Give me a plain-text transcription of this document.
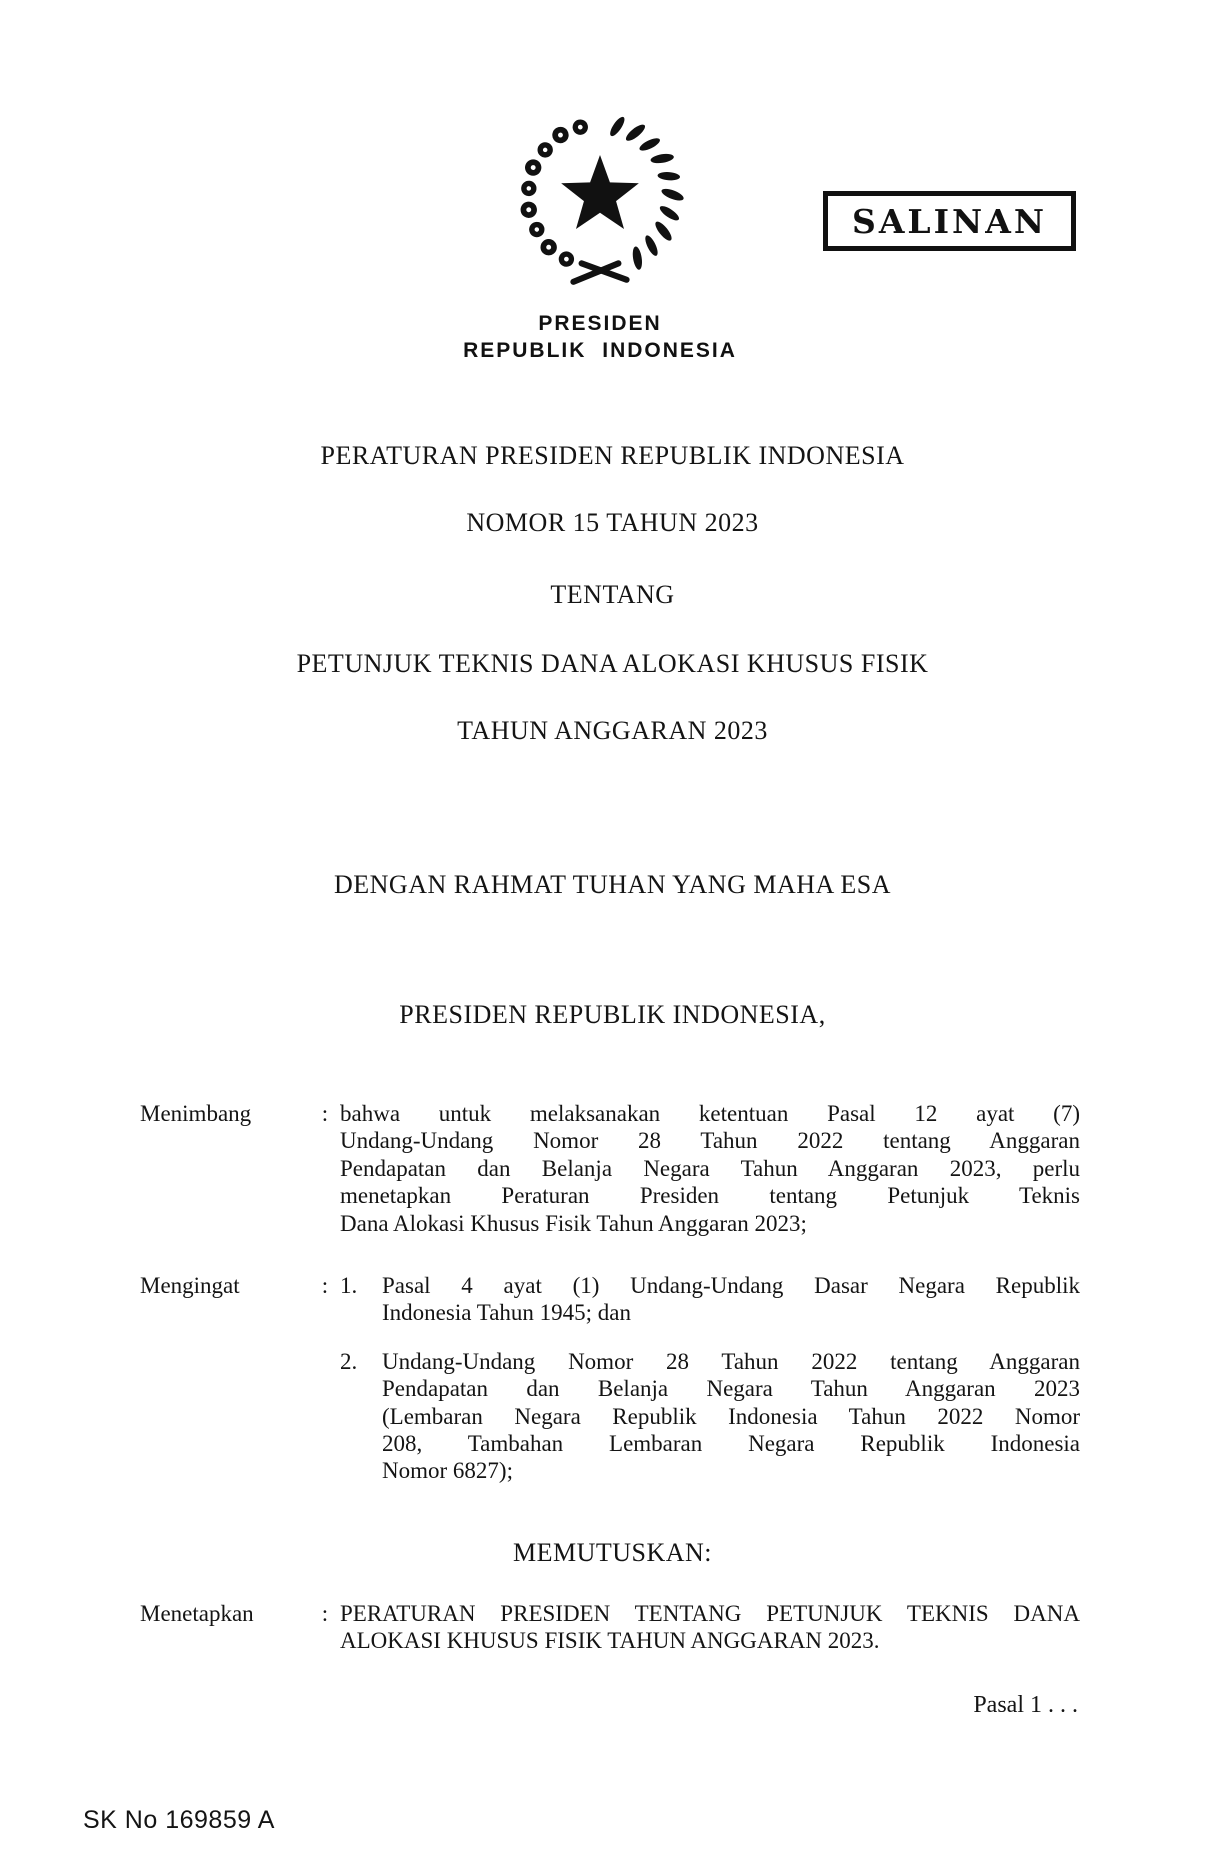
SALINAN
PRESIDEN
REPUBLIK INDONESIA
PERATURAN PRESIDEN REPUBLIK INDONESIA
NOMOR 15 TAHUN 2023
TENTANG
PETUNJUK TEKNIS DANA ALOKASI KHUSUS FISIK
TAHUN ANGGARAN 2023
DENGAN RAHMAT TUHAN YANG MAHA ESA
PRESIDEN REPUBLIK INDONESIA,
Menimbang	: bahwa untuk melaksanakan ketentuan Pasal 12 ayat (7)
Undang-Undang Nomor 28 Tahun 2022 tentang Anggaran
Pendapatan dan Belanja Negara Tahun Anggaran 2023, perlu
menetapkan Peraturan Presiden tentang Petunjuk Teknis
Dana Alokasi Khusus Fisik Tahun Anggaran 2023;
Mengingat	: 1.	Pasal 4 ayat (1) Undang-Undang Dasar Negara Republik
Indonesia Tahun 1945; dan
2.	Undang-Undang Nomor 28 Tahun 2022 tentang Anggaran
Pendapatan dan Belanja Negara Tahun Anggaran 2023
(Lembaran Negara Republik Indonesia Tahun 2022 Nomor
208, Tambahan Lembaran Negara Republik Indonesia
Nomor 6827);
MEMUTUSKAN:
Menetapkan	: PERATURAN PRESIDEN TENTANG PETUNJUK TEKNIS DANA
ALOKASI KHUSUS FISIK TAHUN ANGGARAN 2023.
Pasal 1 . . .
SK No 169859 A
